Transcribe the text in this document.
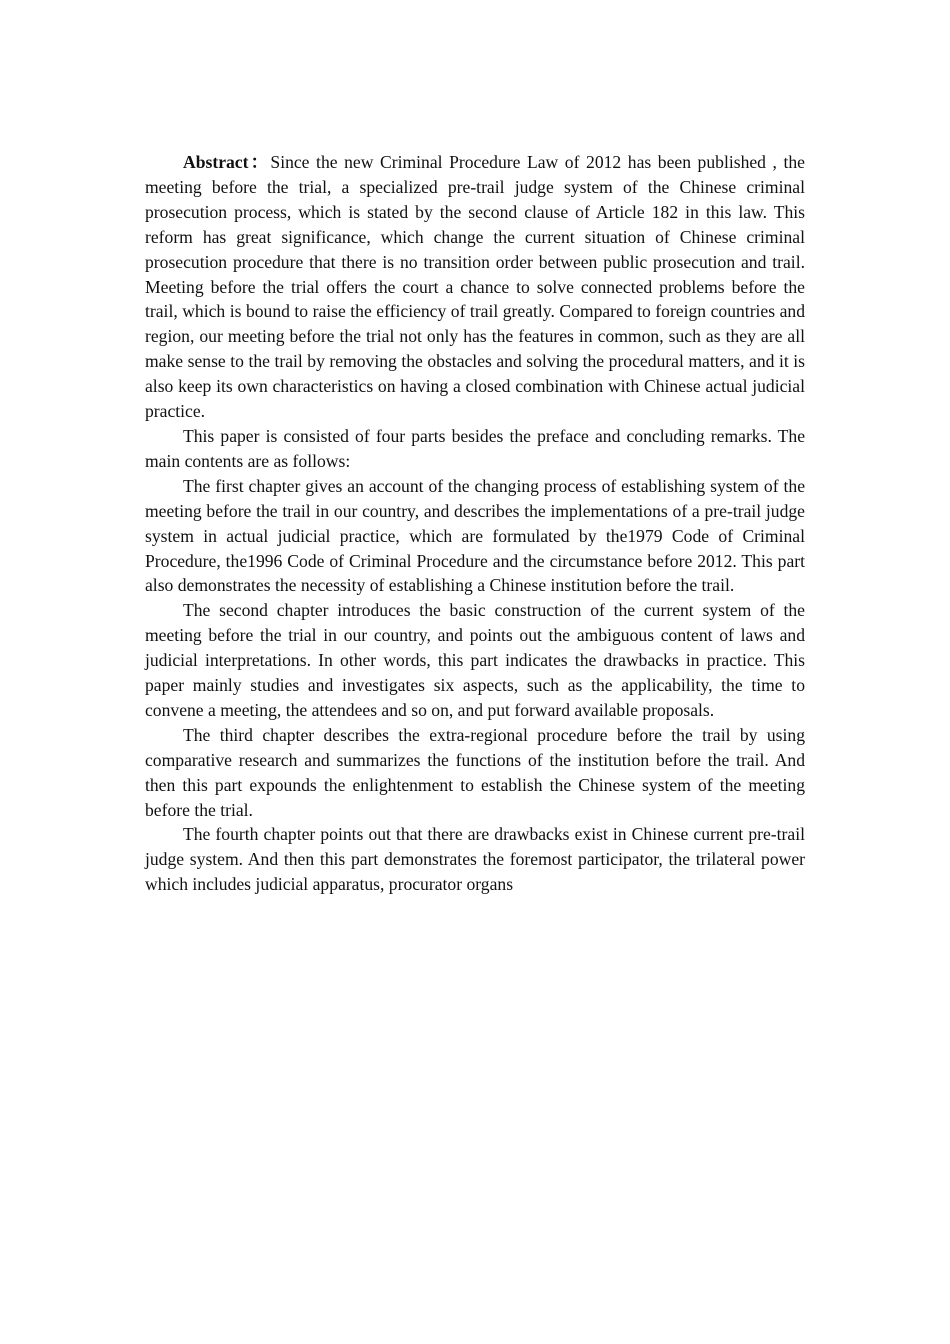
Abstract：Since the new Criminal Procedure Law of 2012 has been published , the meeting before the trial, a specialized pre-trail judge system of the Chinese criminal prosecution process, which is stated by the second clause of Article 182 in this law. This reform has great significance, which change the current situation of Chinese criminal prosecution procedure that there is no transition order between public prosecution and trail. Meeting before the trial offers the court a chance to solve connected problems before the trail, which is bound to raise the efficiency of trail greatly. Compared to foreign countries and region, our meeting before the trial not only has the features in common, such as they are all make sense to the trail by removing the obstacles and solving the procedural matters, and it is also keep its own characteristics on having a closed combination with Chinese actual judicial practice.

This paper is consisted of four parts besides the preface and concluding remarks. The main contents are as follows:

The first chapter gives an account of the changing process of establishing system of the meeting before the trail in our country, and describes the implementations of a pre-trail judge system in actual judicial practice, which are formulated by the1979 Code of Criminal Procedure, the1996 Code of Criminal Procedure and the circumstance before 2012. This part also demonstrates the necessity of establishing a Chinese institution before the trail.

The second chapter introduces the basic construction of the current system of the meeting before the trial in our country, and points out the ambiguous content of laws and judicial interpretations. In other words, this part indicates the drawbacks in practice. This paper mainly studies and investigates six aspects, such as the applicability, the time to convene a meeting, the attendees and so on, and put forward available proposals.

The third chapter describes the extra-regional procedure before the trail by using comparative research and summarizes the functions of the institution before the trail. And then this part expounds the enlightenment to establish the Chinese system of the meeting before the trial.

The fourth chapter points out that there are drawbacks exist in Chinese current pre-trail judge system. And then this part demonstrates the foremost participator, the trilateral power which includes judicial apparatus, procurator organs
